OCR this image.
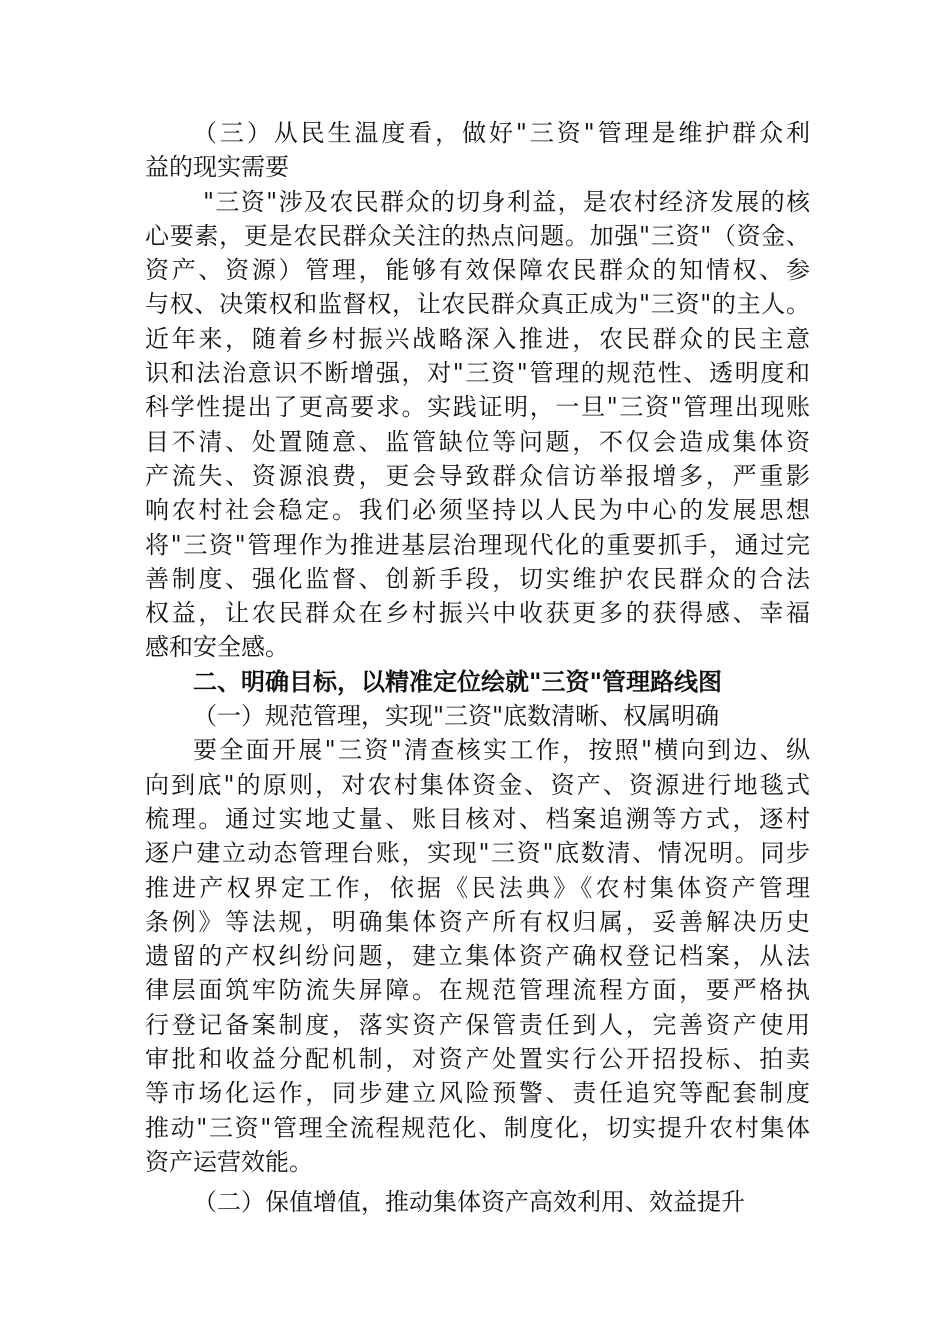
（三）从民生温度看，做好"三资"管理是维护群众利
益的现实需要
"三资"涉及农民群众的切身利益，是农村经济发展的核
心要素，更是农民群众关注的热点问题。加强"三资"（资金、
资产、资源）管理，能够有效保障农民群众的知情权、参
与权、决策权和监督权，让农民群众真正成为"三资"的主人。
近年来，随着乡村振兴战略深入推进，农民群众的民主意
识和法治意识不断增强，对"三资"管理的规范性、透明度和
科学性提出了更高要求。实践证明，一旦"三资"管理出现账
目不清、处置随意、监管缺位等问题，不仅会造成集体资
产流失、资源浪费，更会导致群众信访举报增多，严重影
响农村社会稳定。我们必须坚持以人民为中心的发展思想
将"三资"管理作为推进基层治理现代化的重要抓手，通过完
善制度、强化监督、创新手段，切实维护农民群众的合法
权益，让农民群众在乡村振兴中收获更多的获得感、幸福
感和安全感。
二、明确目标，以精准定位绘就"三资"管理路线图
（一）规范管理，实现"三资"底数清晰、权属明确
要全面开展"三资"清查核实工作，按照"横向到边、纵
向到底"的原则，对农村集体资金、资产、资源进行地毯式
梳理。通过实地丈量、账目核对、档案追溯等方式，逐村
逐户建立动态管理台账，实现"三资"底数清、情况明。同步
推进产权界定工作，依据《民法典》《农村集体资产管理
条例》等法规，明确集体资产所有权归属，妥善解决历史
遗留的产权纠纷问题，建立集体资产确权登记档案，从法
律层面筑牢防流失屏障。在规范管理流程方面，要严格执
行登记备案制度，落实资产保管责任到人，完善资产使用
审批和收益分配机制，对资产处置实行公开招投标、拍卖
等市场化运作，同步建立风险预警、责任追究等配套制度
推动"三资"管理全流程规范化、制度化，切实提升农村集体
资产运营效能。
（二）保值增值，推动集体资产高效利用、效益提升
